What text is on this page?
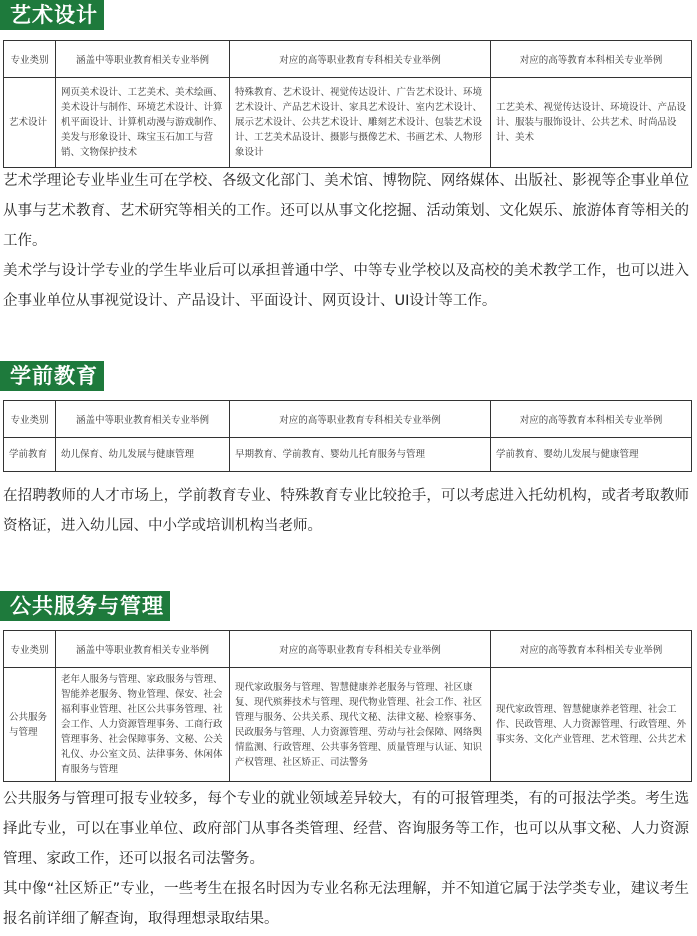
艺术设计
专业类别	涵盖中等职业教育相关专业举例	对应的高等职业教育专科相关专业举例	对应的高等教育本科相关专业举例
艺术设计	网页美术设计、工艺美术、美术绘画、美术设计与制作、环境艺术设计、计算机平面设计、计算机动漫与游戏制作、美发与形象设计、珠宝玉石加工与营销、文物保护技术	特殊教育、艺术设计、视觉传达设计、广告艺术设计、环境艺术设计、产品艺术设计、家具艺术设计、室内艺术设计、展示艺术设计、公共艺术设计、雕刻艺术设计、包装艺术设计、工艺美术品设计、摄影与摄像艺术、书画艺术、人物形象设计	工艺美术、视觉传达设计、环境设计、产品设计、服装与服饰设计、公共艺术、时尚品设计、美术
艺术学理论专业毕业生可在学校、各级文化部门、美术馆、博物院、网络媒体、出版社、影视等企事业单位从事与艺术教育、艺术研究等相关的工作。还可以从事文化挖掘、活动策划、文化娱乐、旅游体育等相关的工作。
美术学与设计学专业的学生毕业后可以承担普通中学、中等专业学校以及高校的美术教学工作，也可以进入企事业单位从事视觉设计、产品设计、平面设计、网页设计、UI设计等工作。
学前教育
专业类别	涵盖中等职业教育相关专业举例	对应的高等职业教育专科相关专业举例	对应的高等教育本科相关专业举例
学前教育	幼儿保育、幼儿发展与健康管理	早期教育、学前教育、婴幼儿托育服务与管理	学前教育、婴幼儿发展与健康管理
在招聘教师的人才市场上，学前教育专业、特殊教育专业比较抢手，可以考虑进入托幼机构，或者考取教师资格证，进入幼儿园、中小学或培训机构当老师。
公共服务与管理
专业类别	涵盖中等职业教育相关专业举例	对应的高等职业教育专科相关专业举例	对应的高等教育本科相关专业举例
公共服务与管理	老年人服务与管理、家政服务与管理、智能养老服务、物业管理、保安、社会福利事业管理、社区公共事务管理、社会工作、人力资源管理事务、工商行政管理事务、社会保障事务、文秘、公关礼仪、办公室文员、法律事务、休闲体育服务与管理	现代家政服务与管理、智慧健康养老服务与管理、社区康复、现代殡葬技术与管理、现代物业管理、社会工作、社区管理与服务、公共关系、现代文秘、法律文秘、检察事务、民政服务与管理、人力资源管理、劳动与社会保障、网络舆情监测、行政管理、公共事务管理、质量管理与认证、知识产权管理、社区矫正、司法警务	现代家政管理、智慧健康养老管理、社会工作、民政管理、人力资源管理、行政管理、外事实务、文化产业管理、艺术管理、公共艺术
公共服务与管理可报专业较多，每个专业的就业领域差异较大，有的可报管理类，有的可报法学类。考生选择此专业，可以在事业单位、政府部门从事各类管理、经营、咨询服务等工作，也可以从事文秘、人力资源管理、家政工作，还可以报名司法警务。
其中像“社区矫正”专业，一些考生在报名时因为专业名称无法理解，并不知道它属于法学类专业，建议考生报名前详细了解查询，取得理想录取结果。
